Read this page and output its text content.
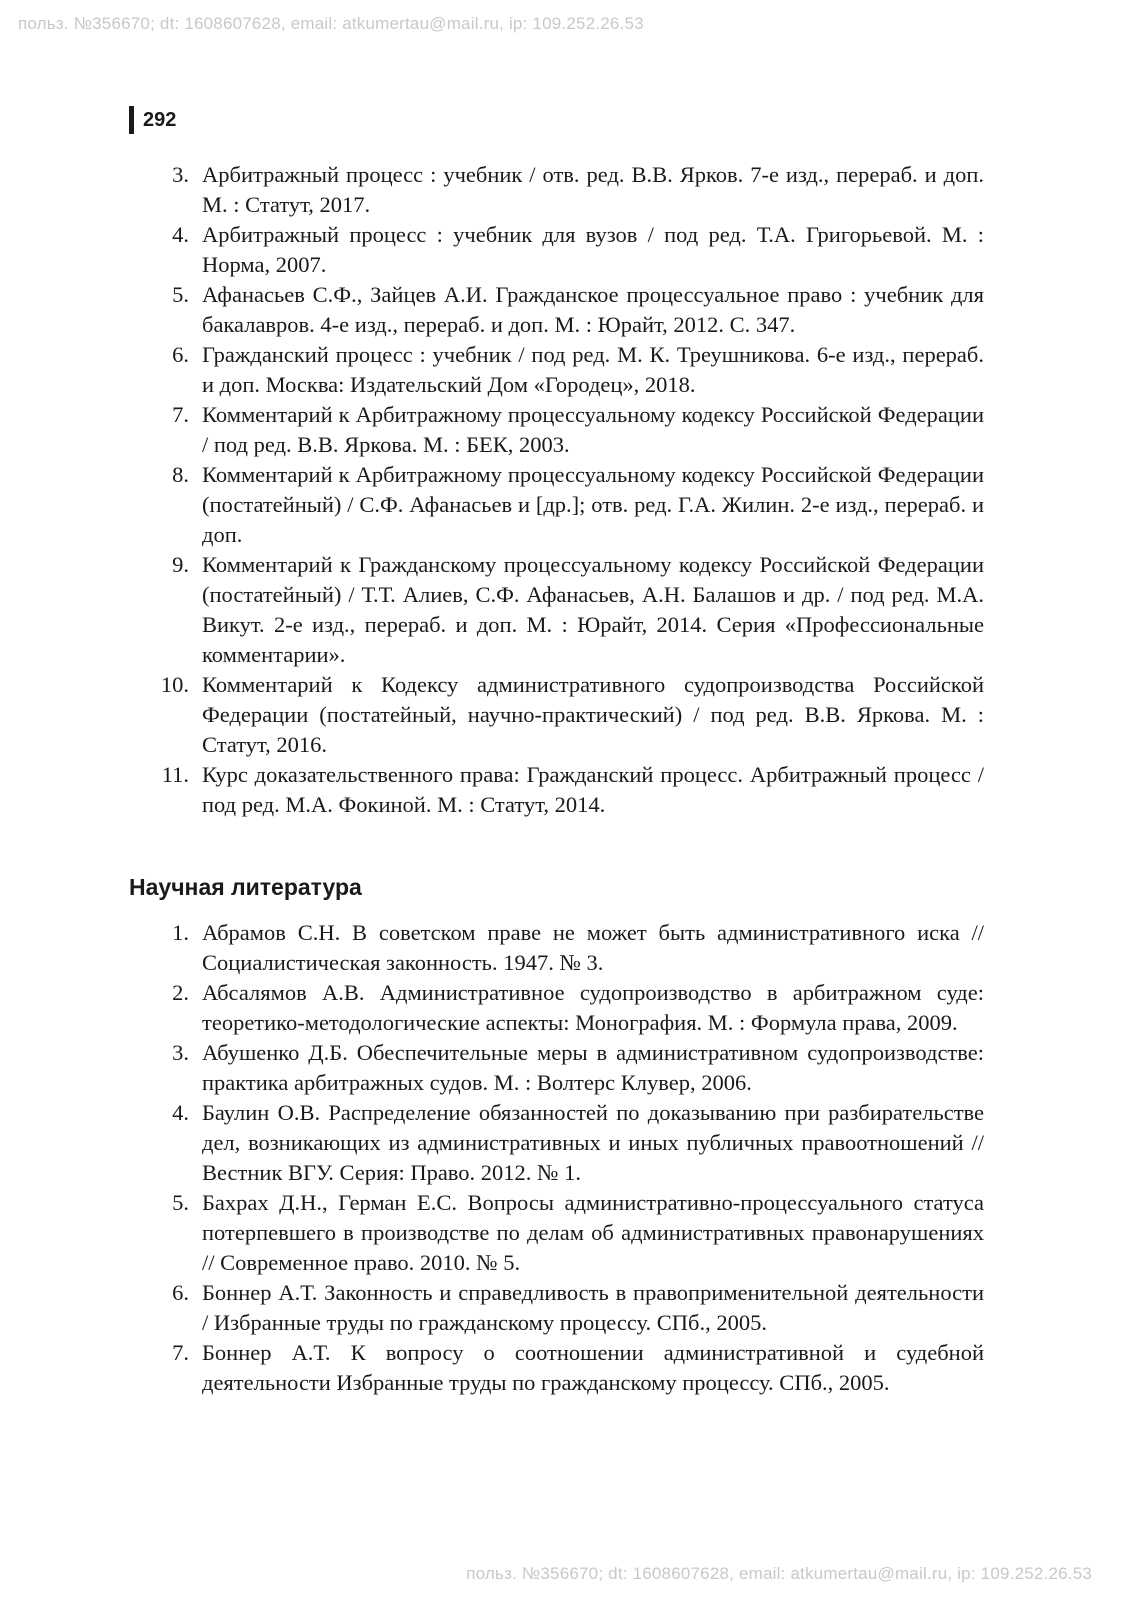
польз. №356670; dt: 1608607628, email: atkumertau@mail.ru, ip: 109.252.26.53
292
3. Арбитражный процесс : учебник / отв. ред. В.В. Ярков. 7-е изд., перераб. и доп. М. : Статут, 2017.
4. Арбитражный процесс : учебник для вузов / под ред. Т.А. Григорьевой. М. : Норма, 2007.
5. Афанасьев С.Ф., Зайцев А.И. Гражданское процессуальное право : учебник для бакалавров. 4-е изд., перераб. и доп. М. : Юрайт, 2012. С. 347.
6. Гражданский процесс : учебник / под ред. М. К. Треушникова. 6-е изд., перераб. и доп. Москва: Издательский Дом «Городец», 2018.
7. Комментарий к Арбитражному процессуальному кодексу Российской Федерации / под ред. В.В. Яркова. М. : БЕК, 2003.
8. Комментарий к Арбитражному процессуальному кодексу Российской Федерации (постатейный) / С.Ф. Афанасьев и [др.]; отв. ред. Г.А. Жилин. 2-е изд., перераб. и доп.
9. Комментарий к Гражданскому процессуальному кодексу Российской Федерации (постатейный) / Т.Т. Алиев, С.Ф. Афанасьев, А.Н. Балашов и др. / под ред. М.А. Викут. 2-е изд., перераб. и доп. М. : Юрайт, 2014. Серия «Профессиональные комментарии».
10. Комментарий к Кодексу административного судопроизводства Российской Федерации (постатейный, научно-практический) / под ред. В.В. Яркова. М. : Статут, 2016.
11. Курс доказательственного права: Гражданский процесс. Арбитражный процесс / под ред. М.А. Фокиной. М. : Статут, 2014.
Научная литература
1. Абрамов С.Н. В советском праве не может быть административного иска // Социалистическая законность. 1947. № 3.
2. Абсалямов А.В. Административное судопроизводство в арбитражном суде: теоретико-методологические аспекты: Монография. М. : Формула права, 2009.
3. Абушенко Д.Б. Обеспечительные меры в административном судопроизводстве: практика арбитражных судов. М. : Волтерс Клувер, 2006.
4. Баулин О.В. Распределение обязанностей по доказыванию при разбирательстве дел, возникающих из административных и иных публичных правоотношений // Вестник ВГУ. Серия: Право. 2012. № 1.
5. Бахрах Д.Н., Герман Е.С. Вопросы административно-процессуального статуса потерпевшего в производстве по делам об административных правонарушениях // Современное право. 2010. № 5.
6. Боннер А.Т. Законность и справедливость в правоприменительной деятельности / Избранные труды по гражданскому процессу. СПб., 2005.
7. Боннер А.Т. К вопросу о соотношении административной и судебной деятельности Избранные труды по гражданскому процессу. СПб., 2005.
польз. №356670; dt: 1608607628, email: atkumertau@mail.ru, ip: 109.252.26.53
